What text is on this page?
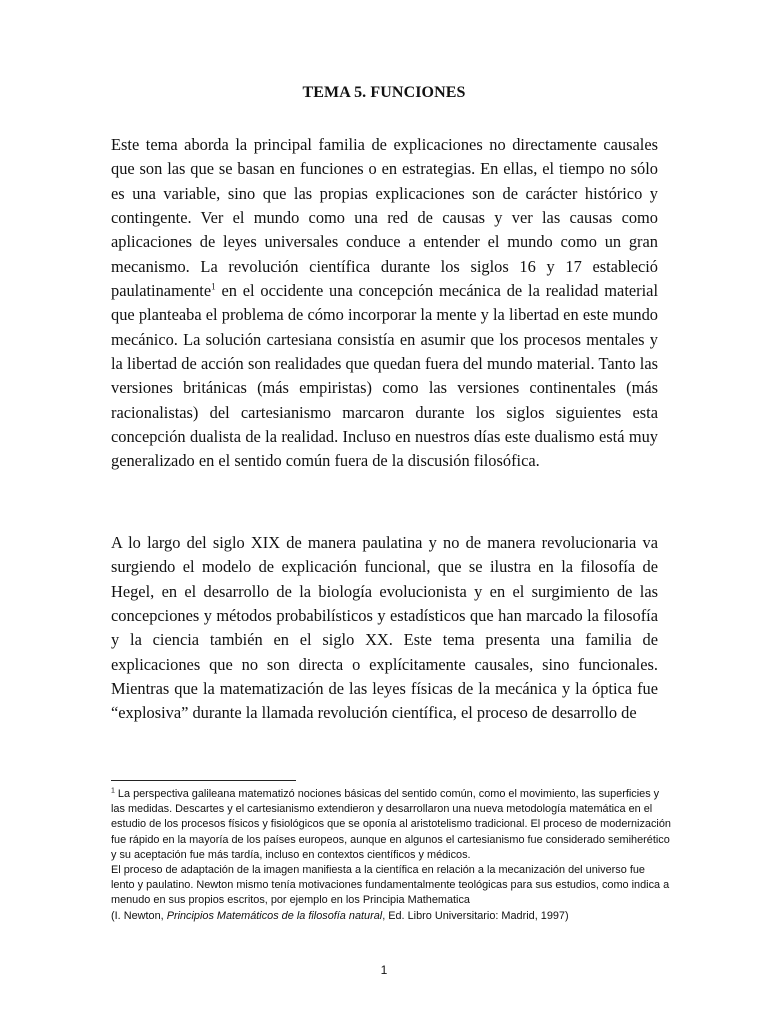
TEMA 5. FUNCIONES

Este tema aborda la principal familia de explicaciones no directamente causales que son las que se basan en funciones o en estrategias. En ellas, el tiempo no sólo es una variable, sino que las propias explicaciones son de carácter histórico y contingente. Ver el mundo como una red de causas y ver las causas como aplicaciones de leyes universales conduce a entender el mundo como un gran mecanismo. La revolución científica durante los siglos 16 y 17 estableció paulatinamente$^1$ en el occidente una concepción mecánica de la realidad material que planteaba el problema de cómo incorporar la mente y la libertad en este mundo mecánico. La solución cartesiana consistía en asumir que los procesos mentales y la libertad de acción son realidades que quedan fuera del mundo material. Tanto las versiones británicas (más empiristas) como las versiones continentales (más racionalistas) del cartesianismo marcaron durante los siglos siguientes esta concepción dualista de la realidad. Incluso en nuestros días este dualismo está muy generalizado en el sentido común fuera de la discusión filosófica.

A lo largo del siglo XIX de manera paulatina y no de manera revolucionaria va surgiendo el modelo de explicación funcional, que se ilustra en la filosofía de Hegel, en el desarrollo de la biología evolucionista y en el surgimiento de las concepciones y métodos probabilísticos y estadísticos que han marcado la filosofía y la ciencia también en el siglo XX. Este tema presenta una familia de explicaciones que no son directa o explícitamente causales, sino funcionales. Mientras que la matematización de las leyes físicas de la mecánica y la óptica fue “explosiva” durante la llamada revolución científica, el proceso de desarrollo de

$^1$ La perspectiva galileana matematizó nociones básicas del sentido común, como el movimiento, las superficies y las medidas. Descartes y el cartesianismo extendieron y desarrollaron una nueva metodología matemática en el estudio de los procesos físicos y fisiológicos que se oponía al aristotelismo tradicional. El proceso de modernización fue rápido en la mayoría de los países europeos, aunque en algunos el cartesianismo fue considerado semiherético y su aceptación fue más tardía, incluso en contextos científicos y médicos.

El proceso de adaptación de la imagen manifiesta a la científica en relación a la mecanización del universo fue lento y paulatino. Newton mismo tenía motivaciones fundamentalmente teológicas para sus estudios, como indica a menudo en sus propios escritos, por ejemplo en los Principia Mathematica

(I. Newton, Principios Matemáticos de la filosofía natural, Ed. Libro Universitario: Madrid, 1997)

1
